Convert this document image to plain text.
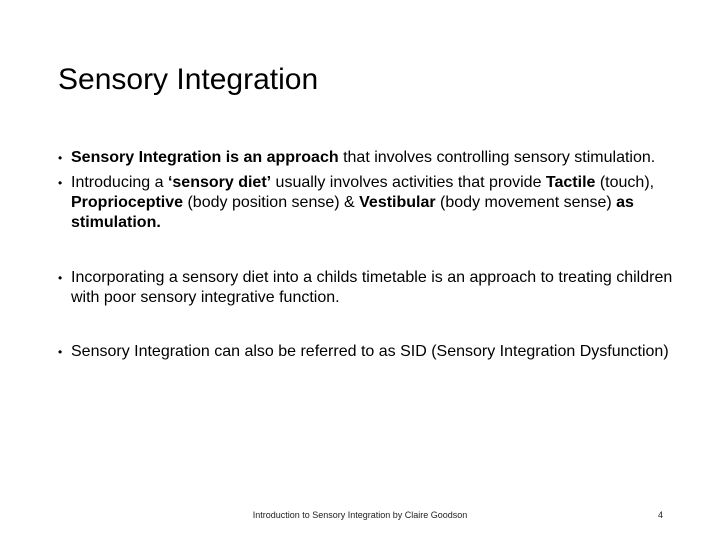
Sensory Integration
• Sensory Integration is an approach that involves controlling sensory stimulation.
• Introducing a ‘sensory diet’ usually involves activities that provide Tactile (touch), Proprioceptive (body position sense) & Vestibular (body movement sense) as stimulation.
• Incorporating a sensory diet into a childs timetable is an approach to treating children with poor sensory integrative function.
• Sensory Integration can also be referred to as SID (Sensory Integration Dysfunction)
Introduction to Sensory Integration by Claire Goodson	4
